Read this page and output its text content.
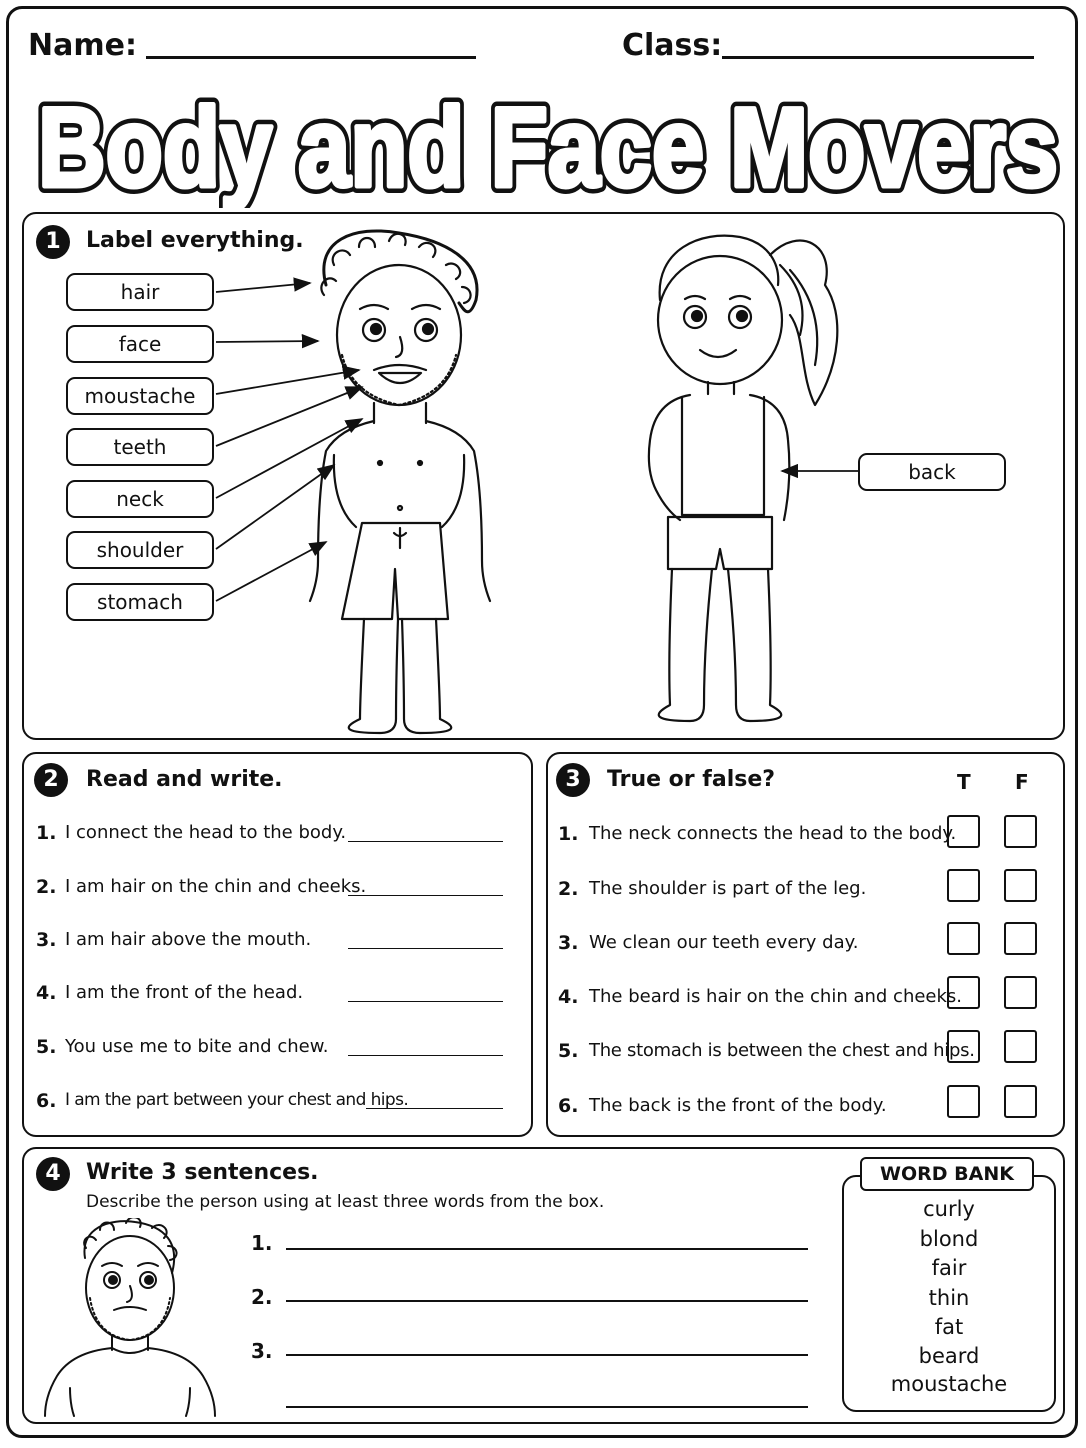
Name:	Class:
Body and Face Movers
Body and Face Movers
1	Label everything.
hair
face
moustache
teeth
neck
shoulder
stomach
back
2	Read and write.
1. I connect the head to the body.
2. I am hair on the chin and cheeks.
3. I am hair above the mouth.
4. I am the front of the head.
5. You use me to bite and chew.
6. I am the part between your chest and hips.
3	True or false?	T F
1. The neck connects the head to the body.
2. The shoulder is part of the leg.
3. We clean our teeth every day.
4. The beard is hair on the chin and cheeks.
5. The stomach is between the chest and hips.
6. The back is the front of the body.
4	Write 3 sentences.
Describe the person using at least three words from the box.
1.
2.
3.
curly
blond
fair
thin
fat
beard
moustache
WORD BANK
